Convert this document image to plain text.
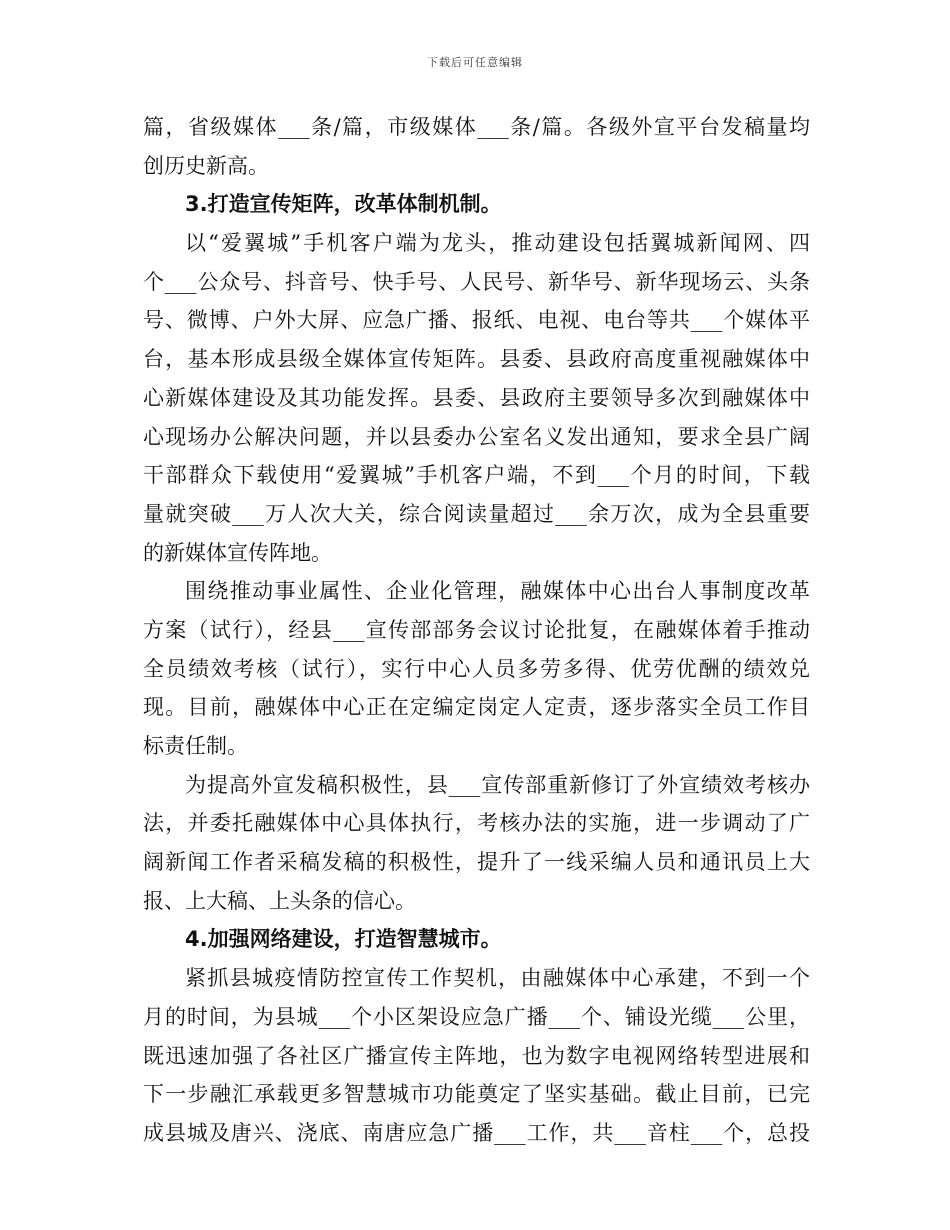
下载后可任意编辑
篇，省级媒体___条/篇，市级媒体___条/篇。各级外宣平台发稿量均
创历史新高。
3.打造宣传矩阵，改革体制机制。
以“爱翼城”手机客户端为龙头，推动建设包括翼城新闻网、四
个___公众号、抖音号、快手号、人民号、新华号、新华现场云、头条
号、微博、户外大屏、应急广播、报纸、电视、电台等共___个媒体平
台，基本形成县级全媒体宣传矩阵。县委、县政府高度重视融媒体中
心新媒体建设及其功能发挥。县委、县政府主要领导多次到融媒体中
心现场办公解决问题，并以县委办公室名义发出通知，要求全县广阔
干部群众下载使用“爱翼城”手机客户端，不到___个月的时间，下载
量就突破___万人次大关，综合阅读量超过___余万次，成为全县重要
的新媒体宣传阵地。
围绕推动事业属性、企业化管理，融媒体中心出台人事制度改革
方案（试行），经县___宣传部部务会议讨论批复，在融媒体着手推动
全员绩效考核（试行），实行中心人员多劳多得、优劳优酬的绩效兑
现。目前，融媒体中心正在定编定岗定人定责，逐步落实全员工作目
标责任制。
为提高外宣发稿积极性，县___宣传部重新修订了外宣绩效考核办
法，并委托融媒体中心具体执行，考核办法的实施，进一步调动了广
阔新闻工作者采稿发稿的积极性，提升了一线采编人员和通讯员上大
报、上大稿、上头条的信心。
4.加强网络建设，打造智慧城市。
紧抓县城疫情防控宣传工作契机，由融媒体中心承建，不到一个
月的时间，为县城___个小区架设应急广播___个、铺设光缆___公里，
既迅速加强了各社区广播宣传主阵地，也为数字电视网络转型进展和
下一步融汇承载更多智慧城市功能奠定了坚实基础。截止目前，已完
成县城及唐兴、浇底、南唐应急广播___工作，共___音柱___个，总投
